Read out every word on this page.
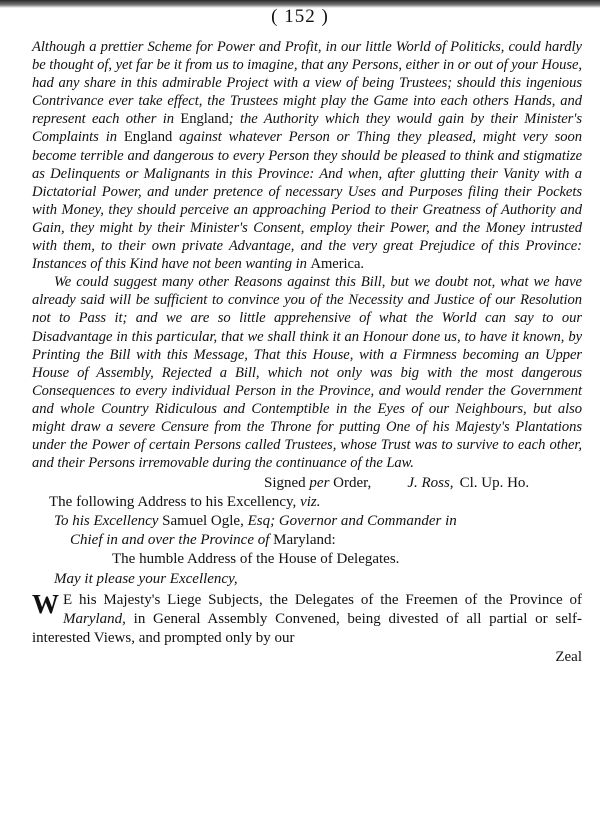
( 152 )

Although a prettier Scheme for Power and Profit, in our little World of Politicks, could hardly be thought of, yet far be it from us to imagine, that any Persons, either in or out of your House, had any share in this admirable Project with a view of being Trustees; should this ingenious Contrivance ever take effect, the Trustees might play the Game into each others Hands, and represent each other in England; the Authority which they would gain by their Minister's Complaints in England against whatever Person or Thing they pleased, might very soon become terrible and dangerous to every Person they should be pleased to think and stigmatize as Delinquents or Malignants in this Province: And when, after glutting their Vanity with a Dictatorial Power, and under pretence of necessary Uses and Purposes filing their Pockets with Money, they should perceive an approaching Period to their Greatness of Authority and Gain, they might by their Minister's Consent, employ their Power, and the Money intrusted with them, to their own private Advantage, and the very great Prejudice of this Province: Instances of this Kind have not been wanting in America.

We could suggest many other Reasons against this Bill, but we doubt not, what we have already said will be sufficient to convince you of the Necessity and Justice of our Resolution not to Pass it; and we are so little apprehensive of what the World can say to our Disadvantage in this particular, that we shall think it an Honour done us, to have it known, by Printing the Bill with this Message, That this House, with a Firmness becoming an Upper House of Assembly, Rejected a Bill, which not only was big with the most dangerous Consequences to every individual Person in the Province, and would render the Government and whole Country Ridiculous and Contemptible in the Eyes of our Neighbours, but also might draw a severe Censure from the Throne for putting One of his Majesty's Plantations under the Power of certain Persons called Trustees, whose Trust was to survive to each other, and their Persons irremovable during the continuance of the Law.

Signed per Order, J. Ross, Cl. Up. Ho.
The following Address to his Excellency, viz.
To his Excellency Samuel Ogle, Esq; Governor and Commander in
Chief in and over the Province of Maryland:
The humble Address of the House of Delegates.
May it please your Excellency,
W E his Majesty's Liege Subjects, the Delegates of the Freemen of the Province of Maryland, in General Assembly Convened, being divested of all partial or self-interested Views, and prompted only by our
Zeal
